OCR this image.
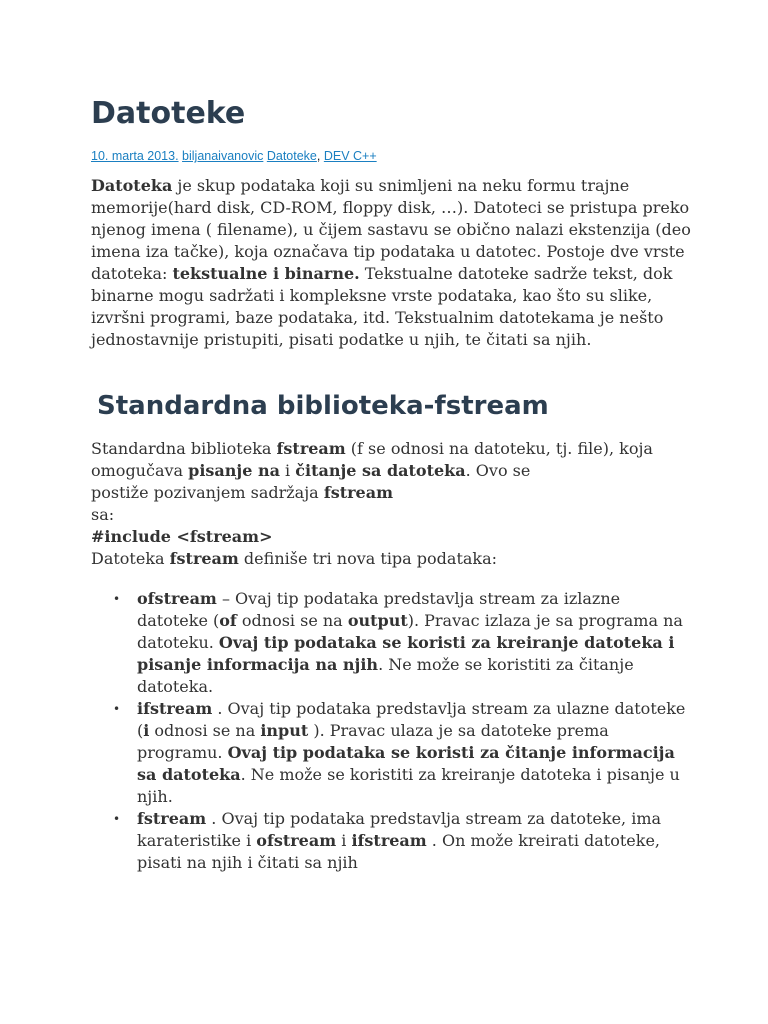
Datoteke
10. marta 2013. biljanaivanovic Datoteke, DEV C++

Datoteka je skup podataka koji su snimljeni na neku formu trajne memorije(hard disk, CD-ROM, floppy disk, …). Datoteci se pristupa preko njenog imena ( filename), u čijem sastavu se obično nalazi ekstenzija (deo imena iza tačke), koja označava tip podataka u datotec. Postoje dve vrste datoteka: tekstualne i binarne. Tekstualne datoteke sadrže tekst, dok binarne mogu sadržati i kompleksne vrste podataka, kao što su slike, izvršni programi, baze podataka, itd. Tekstualnim datotekama je nešto jednostavnije pristupiti, pisati podatke u njih, te čitati sa njih.

Standardna biblioteka-fstream

Standardna biblioteka fstream (f se odnosi na datoteku, tj. file), koja omogučava pisanje na i čitanje sa datoteka. Ovo se
postiže pozivanjem sadržaja fstream
sa:
#include <fstream>
Datoteka fstream definiše tri nova tipa podataka:

• ofstream – Ovaj tip podataka predstavlja stream za izlazne datoteke (of odnosi se na output). Pravac izlaza je sa programa na datoteku. Ovaj tip podataka se koristi za kreiranje datoteka i pisanje informacija na njih. Ne može se koristiti za čitanje datoteka.
• ifstream . Ovaj tip podataka predstavlja stream za ulazne datoteke (i odnosi se na input ). Pravac ulaza je sa datoteke prema programu. Ovaj tip podataka se koristi za čitanje informacija sa datoteka. Ne može se koristiti za kreiranje datoteka i pisanje u njih.
• fstream . Ovaj tip podataka predstavlja stream za datoteke, ima karateristike i ofstream i ifstream . On može kreirati datoteke, pisati na njih i čitati sa njih
